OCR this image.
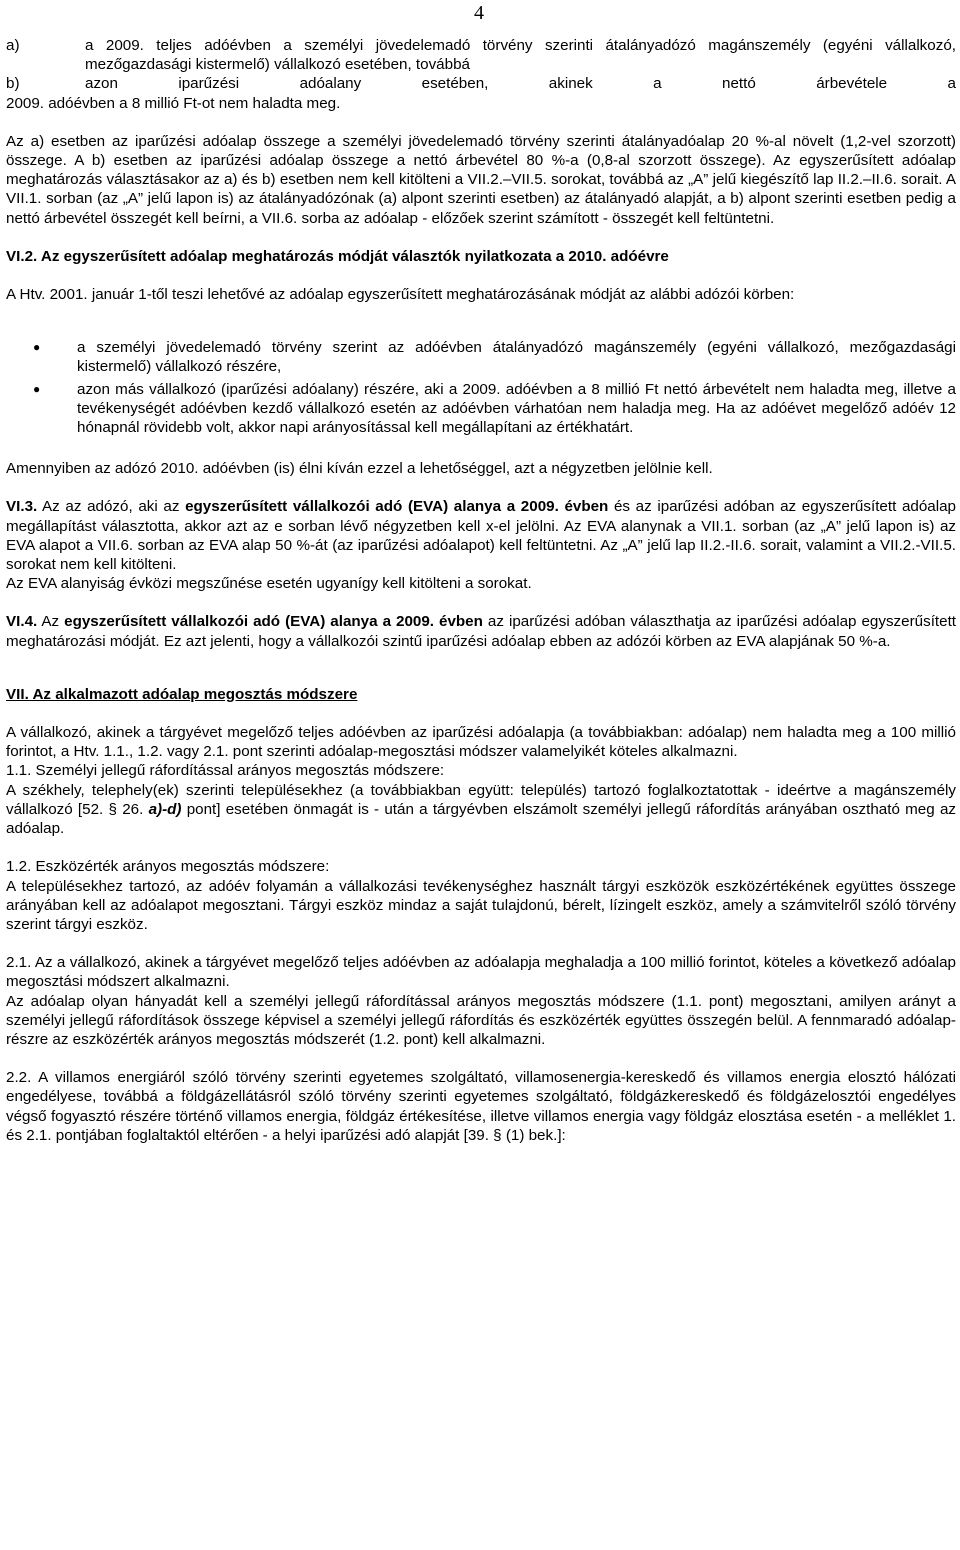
4
a)	a 2009. teljes adóévben a személyi jövedelemadó törvény szerinti átalányadózó magánszemély (egyéni vállalkozó, mezőgazdasági kistermelő) vállalkozó esetében, továbbá
b)	azon iparűzési adóalany esetében, akinek a nettó árbevétele a

2009. adóévben a 8 millió Ft-ot nem haladta meg.

Az a) esetben az iparűzési adóalap összege a személyi jövedelemadó törvény szerinti átalányadóalap 20 %-al növelt (1,2-vel szorzott) összege. A b) esetben az iparűzési adóalap összege a nettó árbevétel 80 %-a (0,8-al szorzott összege). Az egyszerűsített adóalap meghatározás választásakor az a) és b) esetben nem kell kitölteni a VII.2.–VII.5. sorokat, továbbá az „A” jelű kiegészítő lap II.2.–II.6. sorait. A VII.1. sorban (az „A” jelű lapon is) az átalányadózónak (a) alpont szerinti esetben) az átalányadó alapját, a b) alpont szerinti esetben pedig a nettó árbevétel összegét kell beírni, a VII.6. sorba az adóalap - előzőek szerint számított - összegét kell feltüntetni.

VI.2. Az egyszerűsített adóalap meghatározás módját választók nyilatkozata a 2010. adóévre

A Htv. 2001. január 1-től teszi lehetővé az adóalap egyszerűsített meghatározásának módját az alábbi adózói körben:

●	a személyi jövedelemadó törvény szerint az adóévben átalányadózó magánszemély (egyéni vállalkozó, mezőgazdasági kistermelő) vállalkozó részére,
●	azon más vállalkozó (iparűzési adóalany) részére, aki a 2009. adóévben a 8 millió Ft nettó árbevételt nem haladta meg, illetve a tevékenységét adóévben kezdő vállalkozó esetén az adóévben várhatóan nem haladja meg. Ha az adóévet megelőző adóév 12 hónapnál rövidebb volt, akkor napi arányosítással kell megállapítani az értékhatárt.

Amennyiben az adózó 2010. adóévben (is) élni kíván ezzel a lehetőséggel, azt a négyzetben jelölnie kell.

VI.3. Az az adózó, aki az egyszerűsített vállalkozói adó (EVA) alanya a 2009. évben és az iparűzési adóban az egyszerűsített adóalap megállapítást választotta, akkor azt az e sorban lévő négyzetben kell x-el jelölni. Az EVA alanynak a VII.1. sorban (az „A” jelű lapon is) az EVA alapot a VII.6. sorban az EVA alap 50 %-át (az iparűzési adóalapot) kell feltüntetni. Az „A” jelű lap II.2.-II.6. sorait, valamint a VII.2.-VII.5. sorokat nem kell kitölteni.

Az EVA alanyiság évközi megszűnése esetén ugyanígy kell kitölteni a sorokat.

VI.4. Az egyszerűsített vállalkozói adó (EVA) alanya a 2009. évben az iparűzési adóban választhatja az iparűzési adóalap egyszerűsített meghatározási módját. Ez azt jelenti, hogy a vállalkozói szintű iparűzési adóalap ebben az adózói körben az EVA alapjának 50 %-a.

VII. Az alkalmazott adóalap megosztás módszere

A vállalkozó, akinek a tárgyévet megelőző teljes adóévben az iparűzési adóalapja (a továbbiakban: adóalap) nem haladta meg a 100 millió forintot, a Htv. 1.1., 1.2. vagy 2.1. pont szerinti adóalap-megosztási módszer valamelyikét köteles alkalmazni.

1.1. Személyi jellegű ráfordítással arányos megosztás módszere:

A székhely, telephely(ek) szerinti településekhez (a továbbiakban együtt: település) tartozó foglalkoztatottak - ideértve a magánszemély vállalkozó [52. § 26. a)-d) pont] esetében önmagát is - után a tárgyévben elszámolt személyi jellegű ráfordítás arányában osztható meg az adóalap.

1.2. Eszközérték arányos megosztás módszere:

A településekhez tartozó, az adóév folyamán a vállalkozási tevékenységhez használt tárgyi eszközök eszközértékének együttes összege arányában kell az adóalapot megosztani. Tárgyi eszköz mindaz a saját tulajdonú, bérelt, lízingelt eszköz, amely a számvitelről szóló törvény szerint tárgyi eszköz.

2.1. Az a vállalkozó, akinek a tárgyévet megelőző teljes adóévben az adóalapja meghaladja a 100 millió forintot, köteles a következő adóalap megosztási módszert alkalmazni.

Az adóalap olyan hányadát kell a személyi jellegű ráfordítással arányos megosztás módszere (1.1. pont) megosztani, amilyen arányt a személyi jellegű ráfordítások összege képvisel a személyi jellegű ráfordítás és eszközérték együttes összegén belül. A fennmaradó adóalap-részre az eszközérték arányos megosztás módszerét (1.2. pont) kell alkalmazni.

2.2. A villamos energiáról szóló törvény szerinti egyetemes szolgáltató, villamosenergia-kereskedő és villamos energia elosztó hálózati engedélyese, továbbá a földgázellátásról szóló törvény szerinti egyetemes szolgáltató, földgázkereskedő és földgázelosztói engedélyes végső fogyasztó részére történő villamos energia, földgáz értékesítése, illetve villamos energia vagy földgáz elosztása esetén - a melléklet 1. és 2.1. pontjában foglaltaktól eltérően - a helyi iparűzési adó alapját [39. § (1) bek.]:
